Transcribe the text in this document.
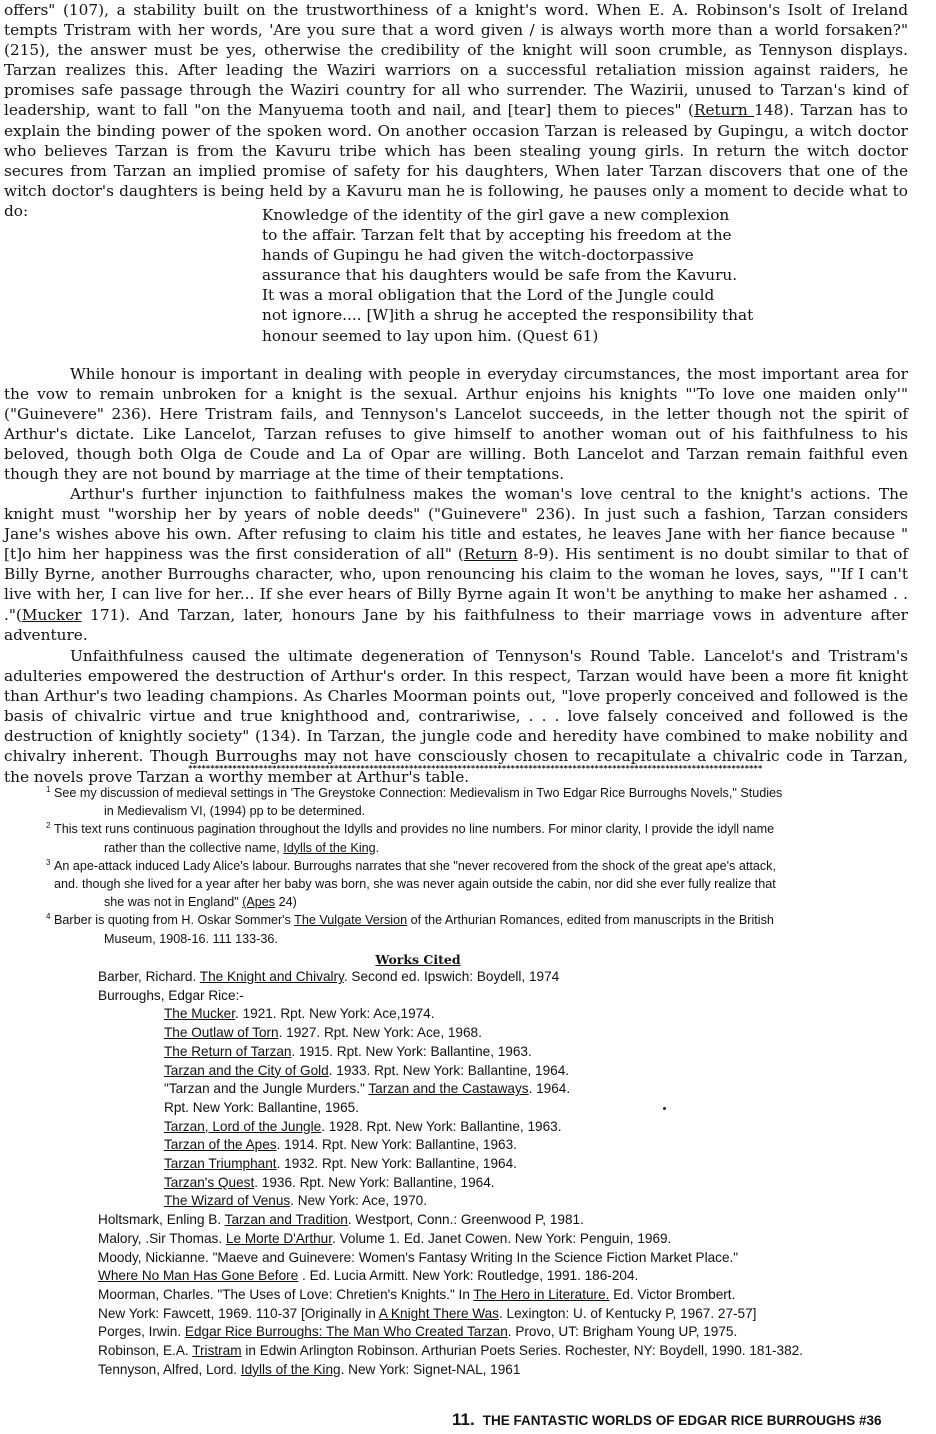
offers" (107), a stability built on the trustworthiness of a knight's word. When E. A. Robinson's Isolt of Ireland tempts Tristram with her words, 'Are you sure that a word given / is always worth more than a world forsaken?" (215), the answer must be yes, otherwise the credibility of the knight will soon crumble, as Tennyson displays. Tarzan realizes this. After leading the Waziri warriors on a successful retaliation mission against raiders, he promises safe passage through the Waziri country for all who surrender. The Wazirii, unused to Tarzan's kind of leadership, want to fall "on the Manyuema tooth and nail, and [tear] them to pieces" (Return 148). Tarzan has to explain the binding power of the spoken word. On another occasion Tarzan is released by Gupingu, a witch doctor who believes Tarzan is from the Kavuru tribe which has been stealing young girls. In return the witch doctor secures from Tarzan an implied promise of safety for his daughters, When later Tarzan discovers that one of the witch doctor's daughters is being held by a Kavuru man he is following, he pauses only a moment to decide what to do:	Knowledge of the identity of the girl gave a new complexion
to the affair. Tarzan felt that by accepting his freedom at the
hands of Gupingu he had given the witch-doctorpassive
assurance that his daughters would be safe from the Kavuru.
It was a moral obligation that the Lord of the Jungle could
not ignore.... [W]ith a shrug he accepted the responsibility that
honour seemed to lay upon him. (Quest 61)

While honour is important in dealing with people in everyday circumstances, the most important area for the vow to remain unbroken for a knight is the sexual. Arthur enjoins his knights "'To love one maiden only'" ("Guinevere" 236). Here Tristram fails, and Tennyson's Lancelot succeeds, in the letter though not the spirit of Arthur's dictate. Like Lancelot, Tarzan refuses to give himself to another woman out of his faithfulness to his beloved, though both Olga de Coude and La of Opar are willing. Both Lancelot and Tarzan remain faithful even though they are not bound by marriage at the time of their temptations.

Arthur's further injunction to faithfulness makes the woman's love central to the knight's actions. The knight must "worship her by years of noble deeds" ("Guinevere" 236). In just such a fashion, Tarzan considers Jane's wishes above his own. After refusing to claim his title and estates, he leaves Jane with her fiance because "[t]o him her happiness was the first consideration of all" (Return 8-9). His sentiment is no doubt similar to that of Billy Byrne, another Burroughs character, who, upon renouncing his claim to the woman he loves, says, "'If I can't live with her, I can live for her... If she ever hears of Billy Byrne again It won't be anything to make her ashamed . . ."(Mucker 171). And Tarzan, later, honours Jane by his faithfulness to their marriage vows in adventure after adventure.

Unfaithfulness caused the ultimate degeneration of Tennyson's Round Table. Lancelot's and Tristram's adulteries empowered the destruction of Arthur's order. In this respect, Tarzan would have been a more fit knight than Arthur's two leading champions. As Charles Moorman points out, "love properly conceived and followed is the basis of chivalric virtue and true knighthood and, contrariwise, . . . love falsely conceived and followed is the destruction of knightly society" (134). In Tarzan, the jungle code and heredity have combined to make nobility and chivalry inherent. Though Burroughs may not have consciously chosen to recapitulate a chivalric code in Tarzan, the novels prove Tarzan a worthy member at Arthur's table.

**********************************************************************************************************************************
1 See my discussion of medieval settings in 'The Greystoke Connection: Medievalism in Two Edgar Rice Burroughs Novels," Studies
in Medievalism VI, (1994) pp to be determined.
2 This text runs continuous pagination throughout the Idylls and provides no line numbers. For minor clarity, I provide the idyll name
rather than the collective name, Idylls of the King.
3 An ape-attack induced Lady Alice's labour. Burroughs narrates that she "never recovered from the shock of the great ape's attack,
and. though she lived for a year after her baby was born, she was never again outside the cabin, nor did she ever fully realize that
she was not in England" (Apes 24)
4 Barber is quoting from H. Oskar Sommer's The Vulgate Version of the Arthurian Romances, edited from manuscripts in the British
Museum, 1908-16. 111 133-36.
Works Cited
Barber, Richard. The Knight and Chivalry. Second ed. Ipswich: Boydell, 1974
Burroughs, Edgar Rice:-
The Mucker. 1921. Rpt. New York: Ace,1974.
The Outlaw of Torn. 1927. Rpt. New York: Ace, 1968.
The Return of Tarzan. 1915. Rpt. New York: Ballantine, 1963.
Tarzan and the City of Gold. 1933. Rpt. New York: Ballantine, 1964.
"Tarzan and the Jungle Murders." Tarzan and the Castaways. 1964.
Rpt. New York: Ballantine, 1965.
Tarzan, Lord of the Jungle. 1928. Rpt. New York: Ballantine, 1963.
Tarzan of the Apes. 1914. Rpt. New York: Ballantine, 1963.
Tarzan Triumphant. 1932. Rpt. New York: Ballantine, 1964.
Tarzan's Quest. 1936. Rpt. New York: Ballantine, 1964.
The Wizard of Venus. New York: Ace, 1970.
Holtsmark, Enling B. Tarzan and Tradition. Westport, Conn.: Greenwood P, 1981.
Malory, .Sir Thomas. Le Morte D'Arthur. Volume 1. Ed. Janet Cowen. New York: Penguin, 1969.
Moody, Nickianne. "Maeve and Guinevere: Women's Fantasy Writing In the Science Fiction Market Place."
Where No Man Has Gone Before . Ed. Lucia Armitt. New York: Routledge, 1991. 186-204.
Moorman, Charles. "The Uses of Love: Chretien's Knights." In The Hero in Literature. Ed. Victor Brombert.
New York: Fawcett, 1969. 110-37 [Originally in A Knight There Was. Lexington: U. of Kentucky P, 1967. 27-57]
Porges, Irwin. Edgar Rice Burroughs: The Man Who Created Tarzan. Provo, UT: Brigham Young UP, 1975.
Robinson, E.A. Tristram in Edwin Arlington Robinson. Arthurian Poets Series. Rochester, NY: Boydell, 1990. 181-382.
Tennyson, Alfred, Lord. Idylls of the King. New York: Signet-NAL, 1961
11. THE FANTASTIC WORLDS OF EDGAR RICE BURROUGHS #36
